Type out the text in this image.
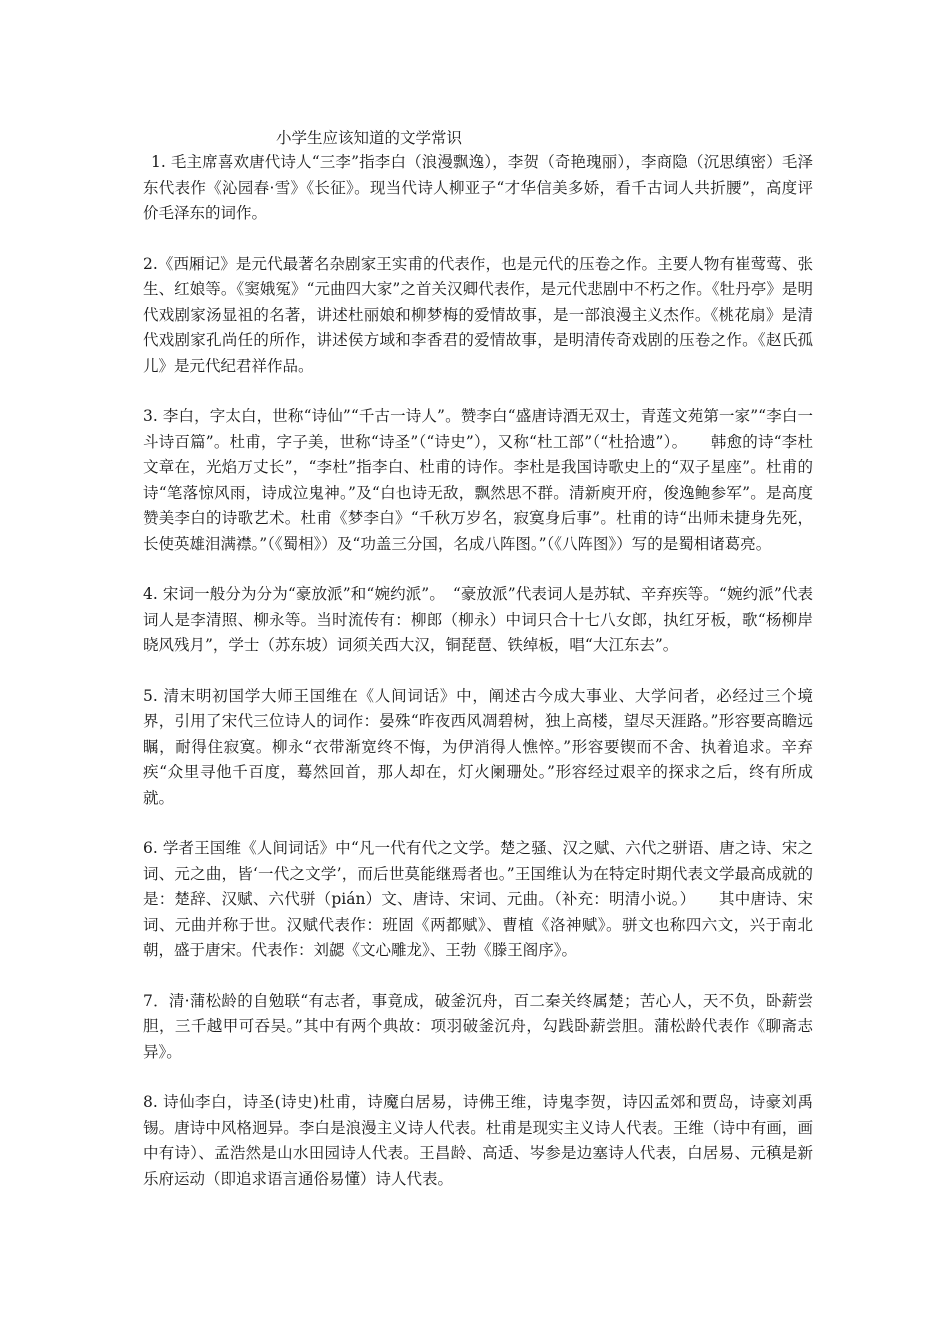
小学生应该知道的文学常识

1. 毛主席喜欢唐代诗人“三李”指李白（浪漫飘逸），李贺（奇艳瑰丽），李商隐（沉思缜密）毛泽东代表作《沁园春·雪》《长征》。现当代诗人柳亚子“才华信美多娇，看千古词人共折腰”，高度评价毛泽东的词作。

2.《西厢记》是元代最著名杂剧家王实甫的代表作，也是元代的压卷之作。主要人物有崔莺莺、张生、红娘等。《窦娥冤》“元曲四大家”之首关汉卿代表作，是元代悲剧中不朽之作。《牡丹亭》是明代戏剧家汤显祖的名著，讲述杜丽娘和柳梦梅的爱情故事，是一部浪漫主义杰作。《桃花扇》是清代戏剧家孔尚任的所作，讲述侯方域和李香君的爱情故事，是明清传奇戏剧的压卷之作。《赵氏孤儿》是元代纪君祥作品。

3. 李白，字太白，世称“诗仙”“千古一诗人”。赞李白“盛唐诗酒无双士，青莲文苑第一家”“李白一斗诗百篇”。杜甫，字子美，世称“诗圣”（“诗史”），又称“杜工部”（“杜拾遗”）。　　韩愈的诗“李杜文章在，光焰万丈长”，“李杜”指李白、杜甫的诗作。李杜是我国诗歌史上的“双子星座”。杜甫的诗“笔落惊风雨，诗成泣鬼神。”及“白也诗无敌，飘然思不群。清新庾开府，俊逸鲍参军”。是高度赞美李白的诗歌艺术。杜甫《梦李白》“千秋万岁名，寂寞身后事”。杜甫的诗“出师未捷身先死，长使英雄泪满襟。”（《蜀相》）及“功盖三分国，名成八阵图。”（《八阵图》）写的是蜀相诸葛亮。

4. 宋词一般分为分为“豪放派”和“婉约派”。　“豪放派”代表词人是苏轼、辛弃疾等。“婉约派”代表词人是李清照、柳永等。当时流传有：柳郎（柳永）中词只合十七八女郎，执红牙板，歌“杨柳岸晓风残月”，学士（苏东坡）词须关西大汉，铜琵琶、铁绰板，唱“大江东去”。

5. 清末明初国学大师王国维在《人间词话》中，阐述古今成大事业、大学问者，必经过三个境界，引用了宋代三位诗人的词作：晏殊“昨夜西风凋碧树，独上高楼，望尽天涯路。”形容要高瞻远瞩，耐得住寂寞。柳永“衣带渐宽终不悔，为伊消得人憔悴。”形容要锲而不舍、执着追求。辛弃疾“众里寻他千百度，蓦然回首，那人却在，灯火阑珊处。”形容经过艰辛的探求之后，终有所成就。

6. 学者王国维《人间词话》中“凡一代有代之文学。楚之骚、汉之赋、六代之骈语、唐之诗、宋之词、元之曲，皆‘一代之文学’，而后世莫能继焉者也。”王国维认为在特定时期代表文学最高成就的是：楚辞、汉赋、六代骈（pián）文、唐诗、宋词、元曲。（补充：明清小说。）　　其中唐诗、宋词、元曲并称于世。汉赋代表作：班固《两都赋》、曹植《洛神赋》。骈文也称四六文，兴于南北朝，盛于唐宋。代表作：刘勰《文心雕龙》、王勃《滕王阁序》。

7．清·蒲松龄的自勉联“有志者，事竟成，破釜沉舟，百二秦关终属楚；苦心人，天不负，卧薪尝胆，三千越甲可吞吴。”其中有两个典故：项羽破釜沉舟，勾践卧薪尝胆。蒲松龄代表作《聊斋志异》。

8. 诗仙李白，诗圣(诗史)杜甫，诗魔白居易，诗佛王维，诗鬼李贺，诗囚孟郊和贾岛，诗豪刘禹锡。唐诗中风格迥异。李白是浪漫主义诗人代表。杜甫是现实主义诗人代表。王维（诗中有画，画中有诗）、孟浩然是山水田园诗人代表。王昌龄、高适、岑参是边塞诗人代表，白居易、元稹是新乐府运动（即追求语言通俗易懂）诗人代表。
